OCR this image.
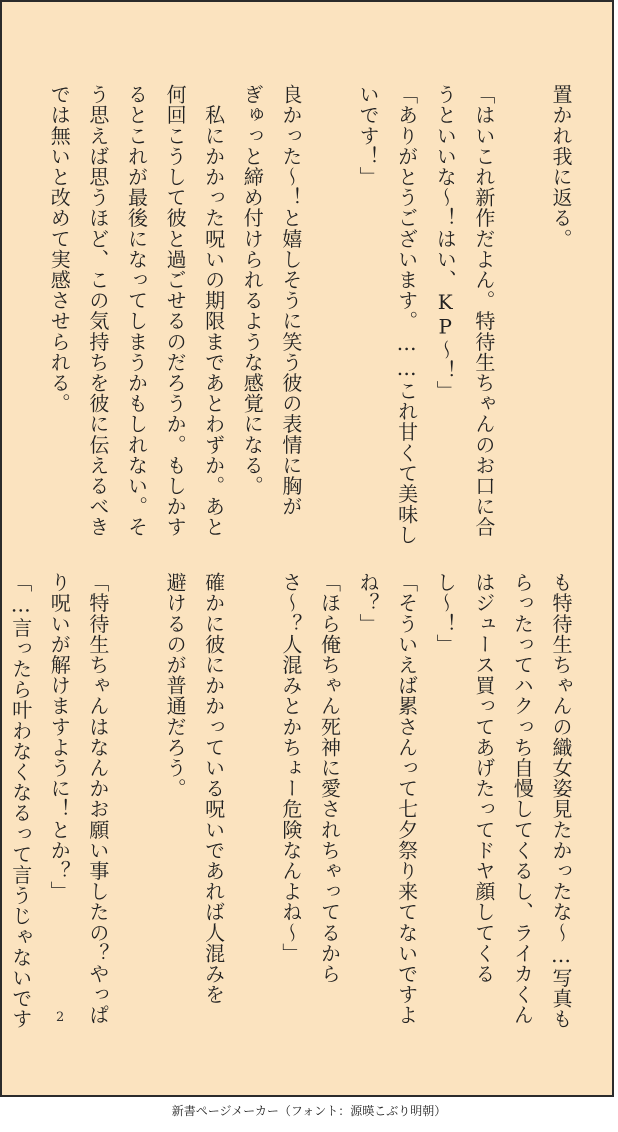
置かれ我に返る。

「はいこれ新作だよん。特待生ちゃんのお口に合
うといいな〜！はい、KP〜！」
「ありがとうございます。……これ甘くて美味し
いです！」

良かった〜！と嬉しそうに笑う彼の表情に胸が
ぎゅっと締め付けられるような感覚になる。
　私にかかった呪いの期限まであとわずか。あと
何回こうして彼と過ごせるのだろうか。もしかす
るとこれが最後になってしまうかもしれない。そ
う思えば思うほど、この気持ちを彼に伝えるべき
では無いと改めて実感させられる。

も特待生ちゃんの織女姿見たかったな〜…写真も
らったってハクっち自慢してくるし、ライカくん
はジュース買ってあげたってドヤ顔してくる
し〜！」
「そういえば累さんって七夕祭り来てないですよ
ね？」
「ほら俺ちゃん死神に愛されちゃってるから
さ〜？人混みとかちょー危険なんよね〜」

確かに彼にかかっている呪いであれば人混みを
避けるのが普通だろう。

「特待生ちゃんはなんかお願い事したの？やっぱ
り呪いが解けますように！とか？」
「…言ったら叶わなくなるって言うじゃないです	2
新書ページメーカー（フォント：源暎こぶり明朝）
